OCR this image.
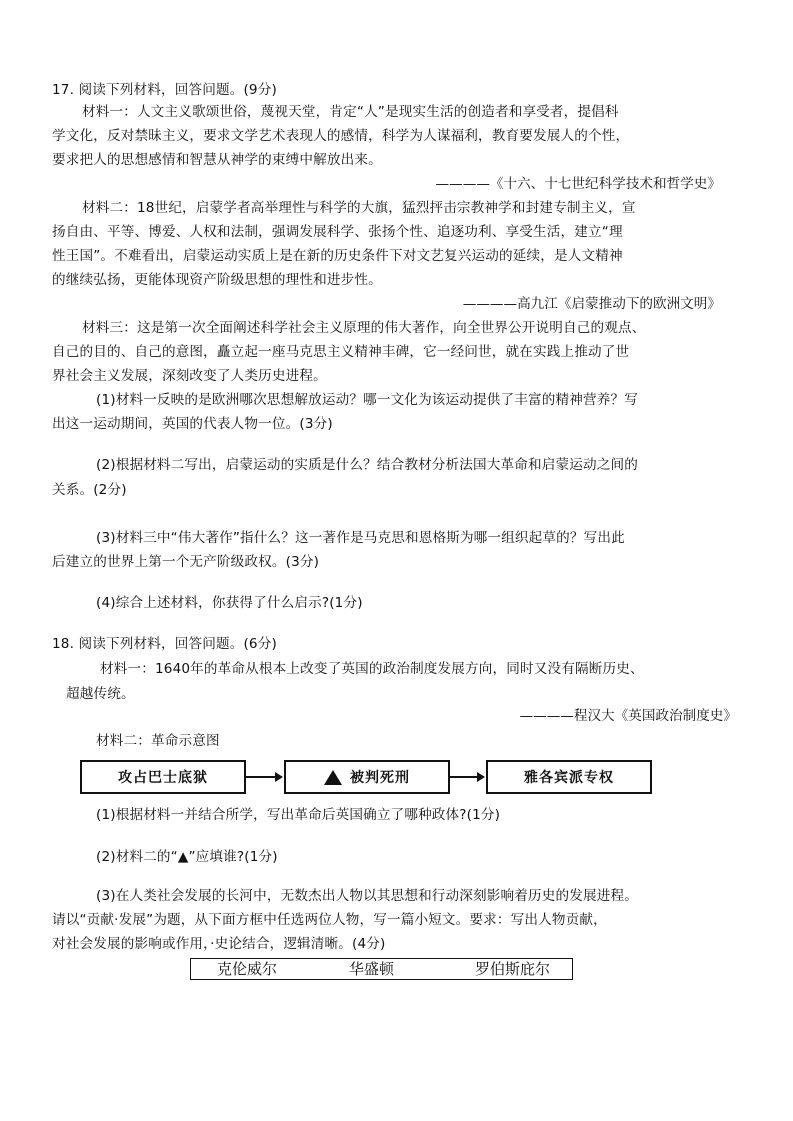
17. 阅读下列材料，回答问题。(9分)
材料一：人文主义歌颂世俗，蔑视天堂，肯定“人”是现实生活的创造者和享受者，提倡科
学文化，反对禁昧主义，要求文学艺术表现人的感情，科学为人谋福利，教育要发展人的个性，
要求把人的思想感情和智慧从神学的束缚中解放出来。
————《十六、十七世纪科学技术和哲学史》
材料二：18世纪，启蒙学者高举理性与科学的大旗，猛烈抨击宗教神学和封建专制主义，宣
扬自由、平等、博爱、人权和法制，强调发展科学、张扬个性、追逐功利、享受生活，建立“理
性王国”。不难看出，启蒙运动实质上是在新的历史条件下对文艺复兴运动的延续，是人文精神
的继续弘扬，更能体现资产阶级思想的理性和进步性。
————高九江《启蒙推动下的欧洲文明》
材料三：这是第一次全面阐述科学社会主义原理的伟大著作，向全世界公开说明自己的观点、
自己的目的、自己的意图，矗立起一座马克思主义精神丰碑，它一经问世，就在实践上推动了世
界社会主义发展，深刻改变了人类历史进程。
(1)材料一反映的是欧洲哪次思想解放运动？哪一文化为该运动提供了丰富的精神营养？写
出这一运动期间，英国的代表人物一位。(3分)
(2)根据材料二写出，启蒙运动的实质是什么？结合教材分析法国大革命和启蒙运动之间的
关系。(2分)
(3)材料三中“伟大著作”指什么？这一著作是马克思和恩格斯为哪一组织起草的？写出此
后建立的世界上第一个无产阶级政权。(3分)
(4)综合上述材料，你获得了什么启示?(1分)
18. 阅读下列材料，回答问题。(6分)
材料一：1640年的革命从根本上改变了英国的政治制度发展方向，同时又没有隔断历史、
超越传统。
————程汉大《英国政治制度史》
材料二：革命示意图
攻占巴士底狱	被判死刑	雅各宾派专权
(1)根据材料一并结合所学，写出革命后英国确立了哪种政体?(1分)
(2)材料二的“▲”应填谁?(1分)
(3)在人类社会发展的长河中，无数杰出人物以其思想和行动深刻影响着历史的发展进程。
请以“贡献·发展”为题，从下面方框中任选两位人物，写一篇小短文。要求：写出人物贡献，
对社会发展的影响或作用，·史论结合，逻辑清晰。(4分)
克伦威尔	华盛顿	罗伯斯庇尔
